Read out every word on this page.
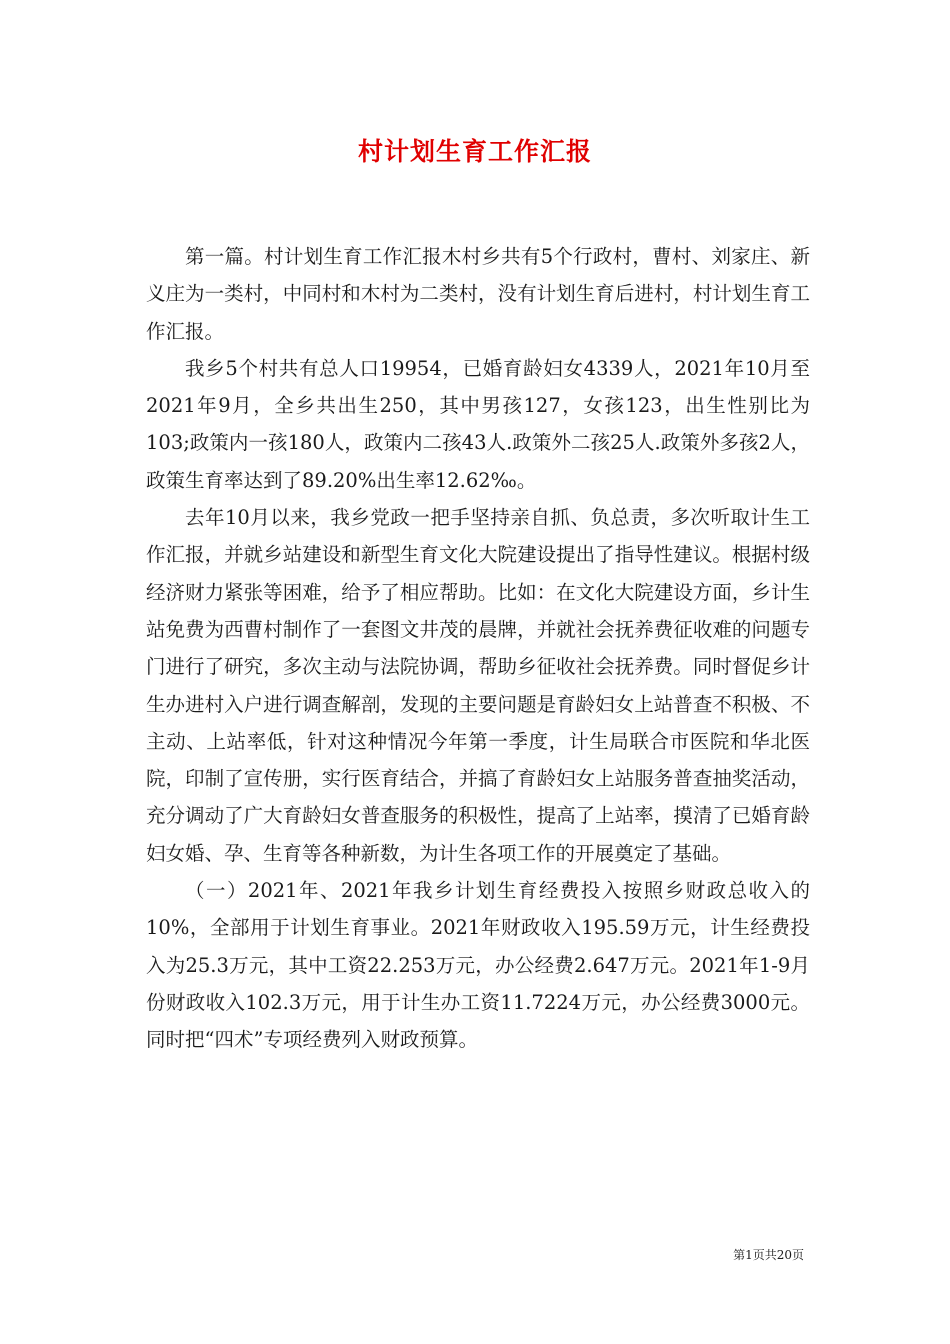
村计划生育工作汇报

第一篇。村计划生育工作汇报木村乡共有5个行政村，曹村、刘家庄、新义庄为一类村，中同村和木村为二类村，没有计划生育后进村，村计划生育工作汇报。

我乡5个村共有总人口19954，已婚育龄妇女4339人，2021年10月至2021年9月，全乡共出生250，其中男孩127，女孩123，出生性别比为103;政策内一孩180人，政策内二孩43人.政策外二孩25人.政策外多孩2人，政策生育率达到了89.20%出生率12.62‰。

去年10月以来，我乡党政一把手坚持亲自抓、负总责，多次听取计生工作汇报，并就乡站建设和新型生育文化大院建设提出了指导性建议。根据村级经济财力紧张等困难，给予了相应帮助。比如：在文化大院建设方面，乡计生站免费为西曹村制作了一套图文井茂的晨牌，并就社会抚养费征收难的问题专门进行了研究，多次主动与法院协调，帮助乡征收社会抚养费。同时督促乡计生办进村入户进行调查解剖，发现的主要问题是育龄妇女上站普查不积极、不主动、上站率低，针对这种情况今年第一季度，计生局联合市医院和华北医院，印制了宣传册，实行医育结合，并搞了育龄妇女上站服务普查抽奖活动，充分调动了广大育龄妇女普查服务的积极性，提高了上站率，摸清了已婚育龄妇女婚、孕、生育等各种新数，为计生各项工作的开展奠定了基础。

（一）2021年、2021年我乡计划生育经费投入按照乡财政总收入的10%，全部用于计划生育事业。2021年财政收入195.59万元，计生经费投入为25.3万元，其中工资22.253万元，办公经费2.647万元。2021年1-9月份财政收入102.3万元，用于计生办工资11.7224万元，办公经费3000元。同时把“四术”专项经费列入财政预算。

第1页共20页
